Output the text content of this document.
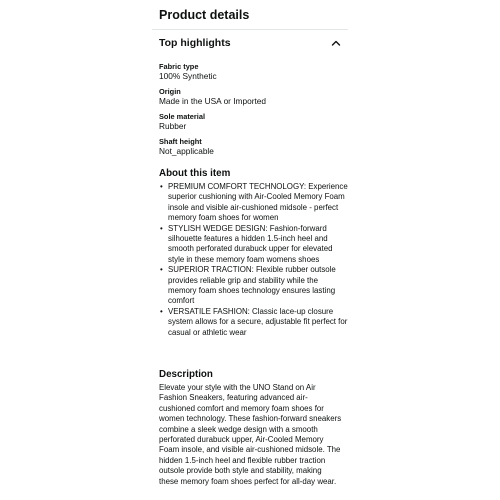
Product details
Top highlights
Fabric type
100% Synthetic
Origin
Made in the USA or Imported
Sole material
Rubber
Shaft height
Not_applicable
About this item
• PREMIUM COMFORT TECHNOLOGY: Experience superior cushioning with Air-Cooled Memory Foam insole and visible air-cushioned midsole - perfect memory foam shoes for women
• STYLISH WEDGE DESIGN: Fashion-forward silhouette features a hidden 1.5-inch heel and smooth perforated durabuck upper for elevated style in these memory foam womens shoes
• SUPERIOR TRACTION: Flexible rubber outsole provides reliable grip and stability while the memory foam shoes technology ensures lasting comfort
• VERSATILE FASHION: Classic lace-up closure system allows for a secure, adjustable fit perfect for casual or athletic wear
Description
Elevate your style with the UNO Stand on Air Fashion Sneakers, featuring advanced air-cushioned comfort and memory foam shoes for women technology. These fashion-forward sneakers combine a sleek wedge design with a smooth perforated durabuck upper, Air-Cooled Memory Foam insole, and visible air-cushioned midsole. The hidden 1.5-inch heel and flexible rubber traction outsole provide both style and stability, making these memory foam shoes perfect for all-day wear.
